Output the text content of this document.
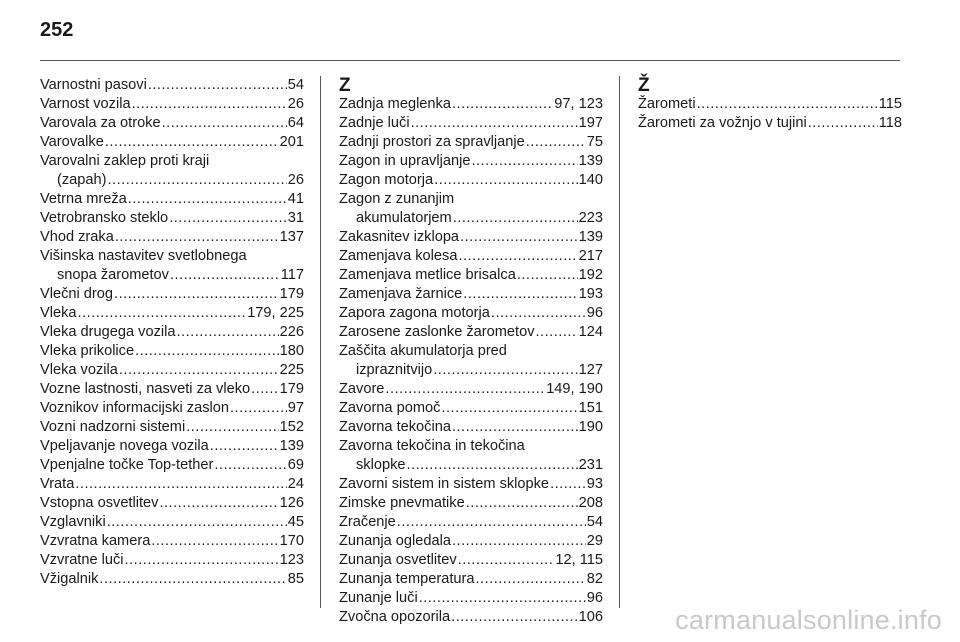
252
Varnostni pasovi .....	54
Varnost vozila .....	26
Varovala za otroke .....	64
Varovalke .....	201
Varovalni zaklep proti kraji
(zapah) .....	26
Vetrna mreža .....	41
Vetrobransko steklo .....	31
Vhod zraka .....	137
Višinska nastavitev svetlobnega
snopa žarometov .....	117
Vlečni drog .....	179
Vleka .....	179, 225
Vleka drugega vozila .....	226
Vleka prikolice .....	180
Vleka vozila .....	225
Vozne lastnosti, nasveti za vleko ..... 179
Voznikov informacijski zaslon .....	97
Vozni nadzorni sistemi .....	152
Vpeljavanje novega vozila .....	139
Vpenjalne točke Top-tether .....	69
Vrata .....	24
Vstopna osvetlitev .....	126
Vzglavniki .....	45
Vzvratna kamera .....	170
Vzvratne luči .....	123
Vžigalnik .....	85
Z
Zadnja meglenka .....	97, 123
Zadnje luči .....	197
Zadnji prostori za spravljanje .....	75
Zagon in upravljanje .....	139
Zagon motorja .....	140
Zagon z zunanjim
akumulatorjem .....	223
Zakasnitev izklopa .....	139
Zamenjava kolesa .....	217
Zamenjava metlice brisalca .....	192
Zamenjava žarnice .....	193
Zapora zagona motorja .....	96
Zarosene zaslonke žarometov .....	124
Zaščita akumulatorja pred
izpraznitvijo .....	127
Zavore .....	149, 190
Zavorna pomoč .....	151
Zavorna tekočina .....	190
Zavorna tekočina in tekočina
sklopke .....	231
Zavorni sistem in sistem sklopke .....	93
Zimske pnevmatike .....	208
Zračenje .....	54
Zunanja ogledala .....	29
Zunanja osvetlitev .....	12, 115
Zunanja temperatura .....	82
Zunanje luči .....	96
Zvočna opozorila .....	106
Ž
Žarometi .....	115
Žarometi za vožnjo v tujini .....	118
carmanualsonline.info
